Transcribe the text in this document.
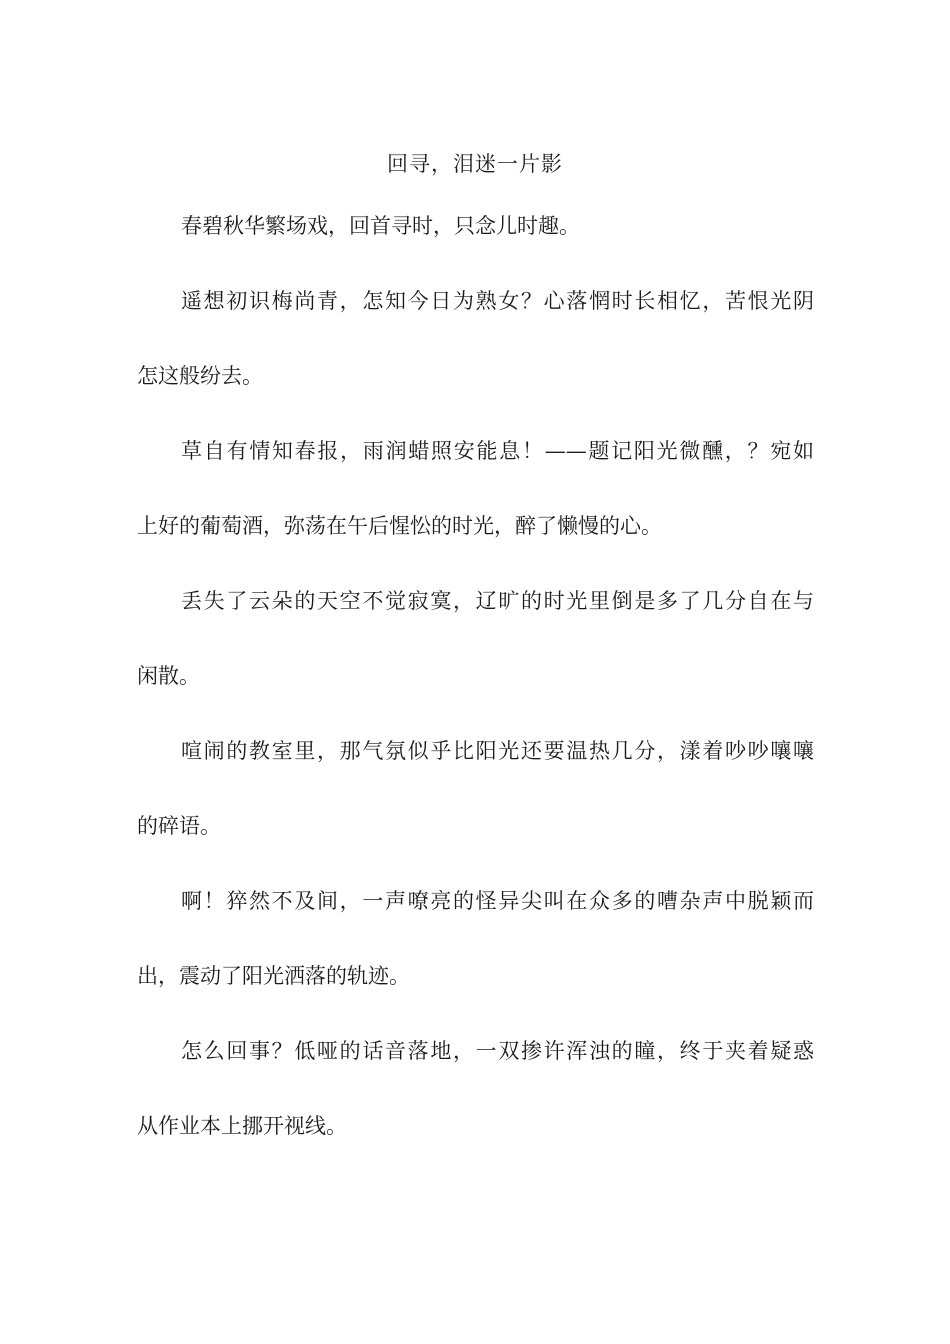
回寻，泪迷一片影
春碧秋华繁场戏，回首寻时，只念儿时趣。
遥想初识梅尚青，怎知今日为熟女？心落惘时长相忆，苦恨光阴
怎这般纷去。
草自有情知春报，雨润蜡照安能息！——题记阳光微醺，？宛如
上好的葡萄酒，弥荡在午后惺忪的时光，醉了懒慢的心。
丢失了云朵的天空不觉寂寞，辽旷的时光里倒是多了几分自在与
闲散。
喧闹的教室里，那气氛似乎比阳光还要温热几分，漾着吵吵嚷嚷
的碎语。
啊！猝然不及间，一声嘹亮的怪异尖叫在众多的嘈杂声中脱颖而
出，震动了阳光洒落的轨迹。
怎么回事？低哑的话音落地，一双掺许浑浊的瞳，终于夹着疑惑
从作业本上挪开视线。
